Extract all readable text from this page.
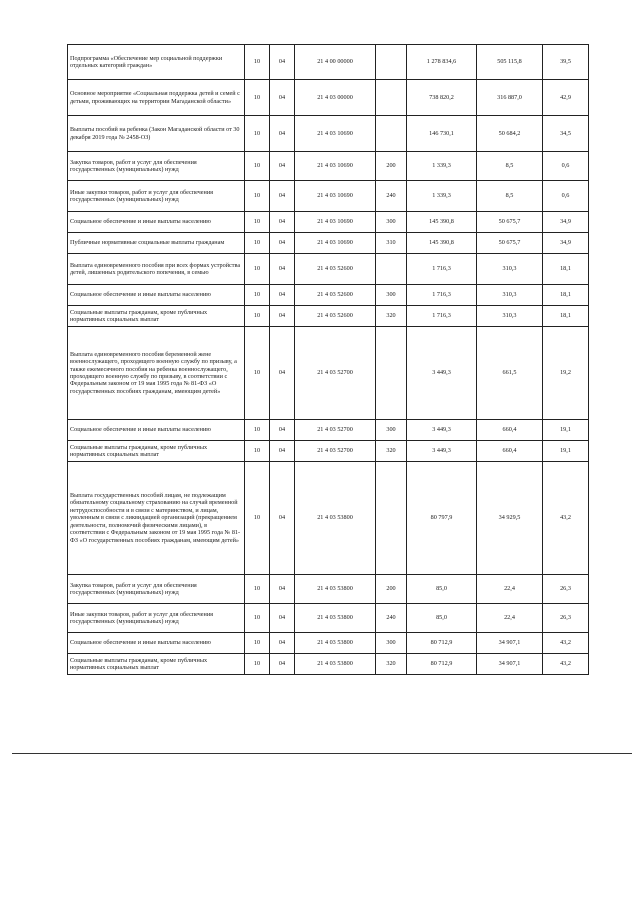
Подпрограмма «Обеспечение мер социальной поддержки отдельных категорий граждан»	10	04	21 4 00 00000		1 278 834,6	505 115,8	39,5
Основное мероприятие «Социальная поддержка детей и семей с детьми, проживающих на территории Магаданской области»	10	04	21 4 03 00000		738 820,2	316 887,0	42,9
Выплаты пособий на ребенка (Закон Магаданской области от 30 декабря 2019 года № 2458-ОЗ)	10	04	21 4 03 10690		146 730,1	50 684,2	34,5
Закупка товаров, работ и услуг для обеспечения государственных (муниципальных) нужд	10	04	21 4 03 10690	200	1 339,3	8,5	0,6
Иные закупки товаров, работ и услуг для обеспечения государственных (муниципальных) нужд	10	04	21 4 03 10690	240	1 339,3	8,5	0,6
Социальное обеспечение и иные выплаты населению	10	04	21 4 03 10690	300	145 390,8	50 675,7	34,9
Публичные нормативные социальные выплаты гражданам	10	04	21 4 03 10690	310	145 390,8	50 675,7	34,9
Выплата единовременного пособия при всех формах устройства детей, лишенных родительского попечения, в семью	10	04	21 4 03 52600		1 716,3	310,3	18,1
Социальное обеспечение и иные выплаты населению	10	04	21 4 03 52600	300	1 716,3	310,3	18,1
Социальные выплаты гражданам, кроме публичных нормативных социальных выплат	10	04	21 4 03 52600	320	1 716,3	310,3	18,1
Выплата единовременного пособия беременной жене военнослужащего, проходящего военную службу по призыву, а также ежемесячного пособия на ребенка военнослужащего, проходящего военную службу по призыву, в соответствии с Федеральным законом от 19 мая 1995 года № 81-ФЗ «О государственных пособиях гражданам, имеющим детей»	10	04	21 4 03 52700		3 449,3	661,5	19,2
Социальное обеспечение и иные выплаты населению	10	04	21 4 03 52700	300	3 449,3	660,4	19,1
Социальные выплаты гражданам, кроме публичных нормативных социальных выплат	10	04	21 4 03 52700	320	3 449,3	660,4	19,1
Выплата государственных пособий лицам, не подлежащим обязательному социальному страхованию на случай временной нетрудоспособности и в связи с материнством, и лицам, уволенным в связи с ликвидацией организаций (прекращением деятельности, полномочий физическими лицами), в соответствии с Федеральным законом от 19 мая 1995 года № 81-ФЗ «О государственных пособиях гражданам, имеющим детей»	10	04	21 4 03 53800		80 797,9	34 929,5	43,2
Закупка товаров, работ и услуг для обеспечения государственных (муниципальных) нужд	10	04	21 4 03 53800	200	85,0	22,4	26,3
Иные закупки товаров, работ и услуг для обеспечения государственных (муниципальных) нужд	10	04	21 4 03 53800	240	85,0	22,4	26,3
Социальное обеспечение и иные выплаты населению	10	04	21 4 03 53800	300	80 712,9	34 907,1	43,2
Социальные выплаты гражданам, кроме публичных нормативных социальных выплат	10	04	21 4 03 53800	320	80 712,9	34 907,1	43,2
